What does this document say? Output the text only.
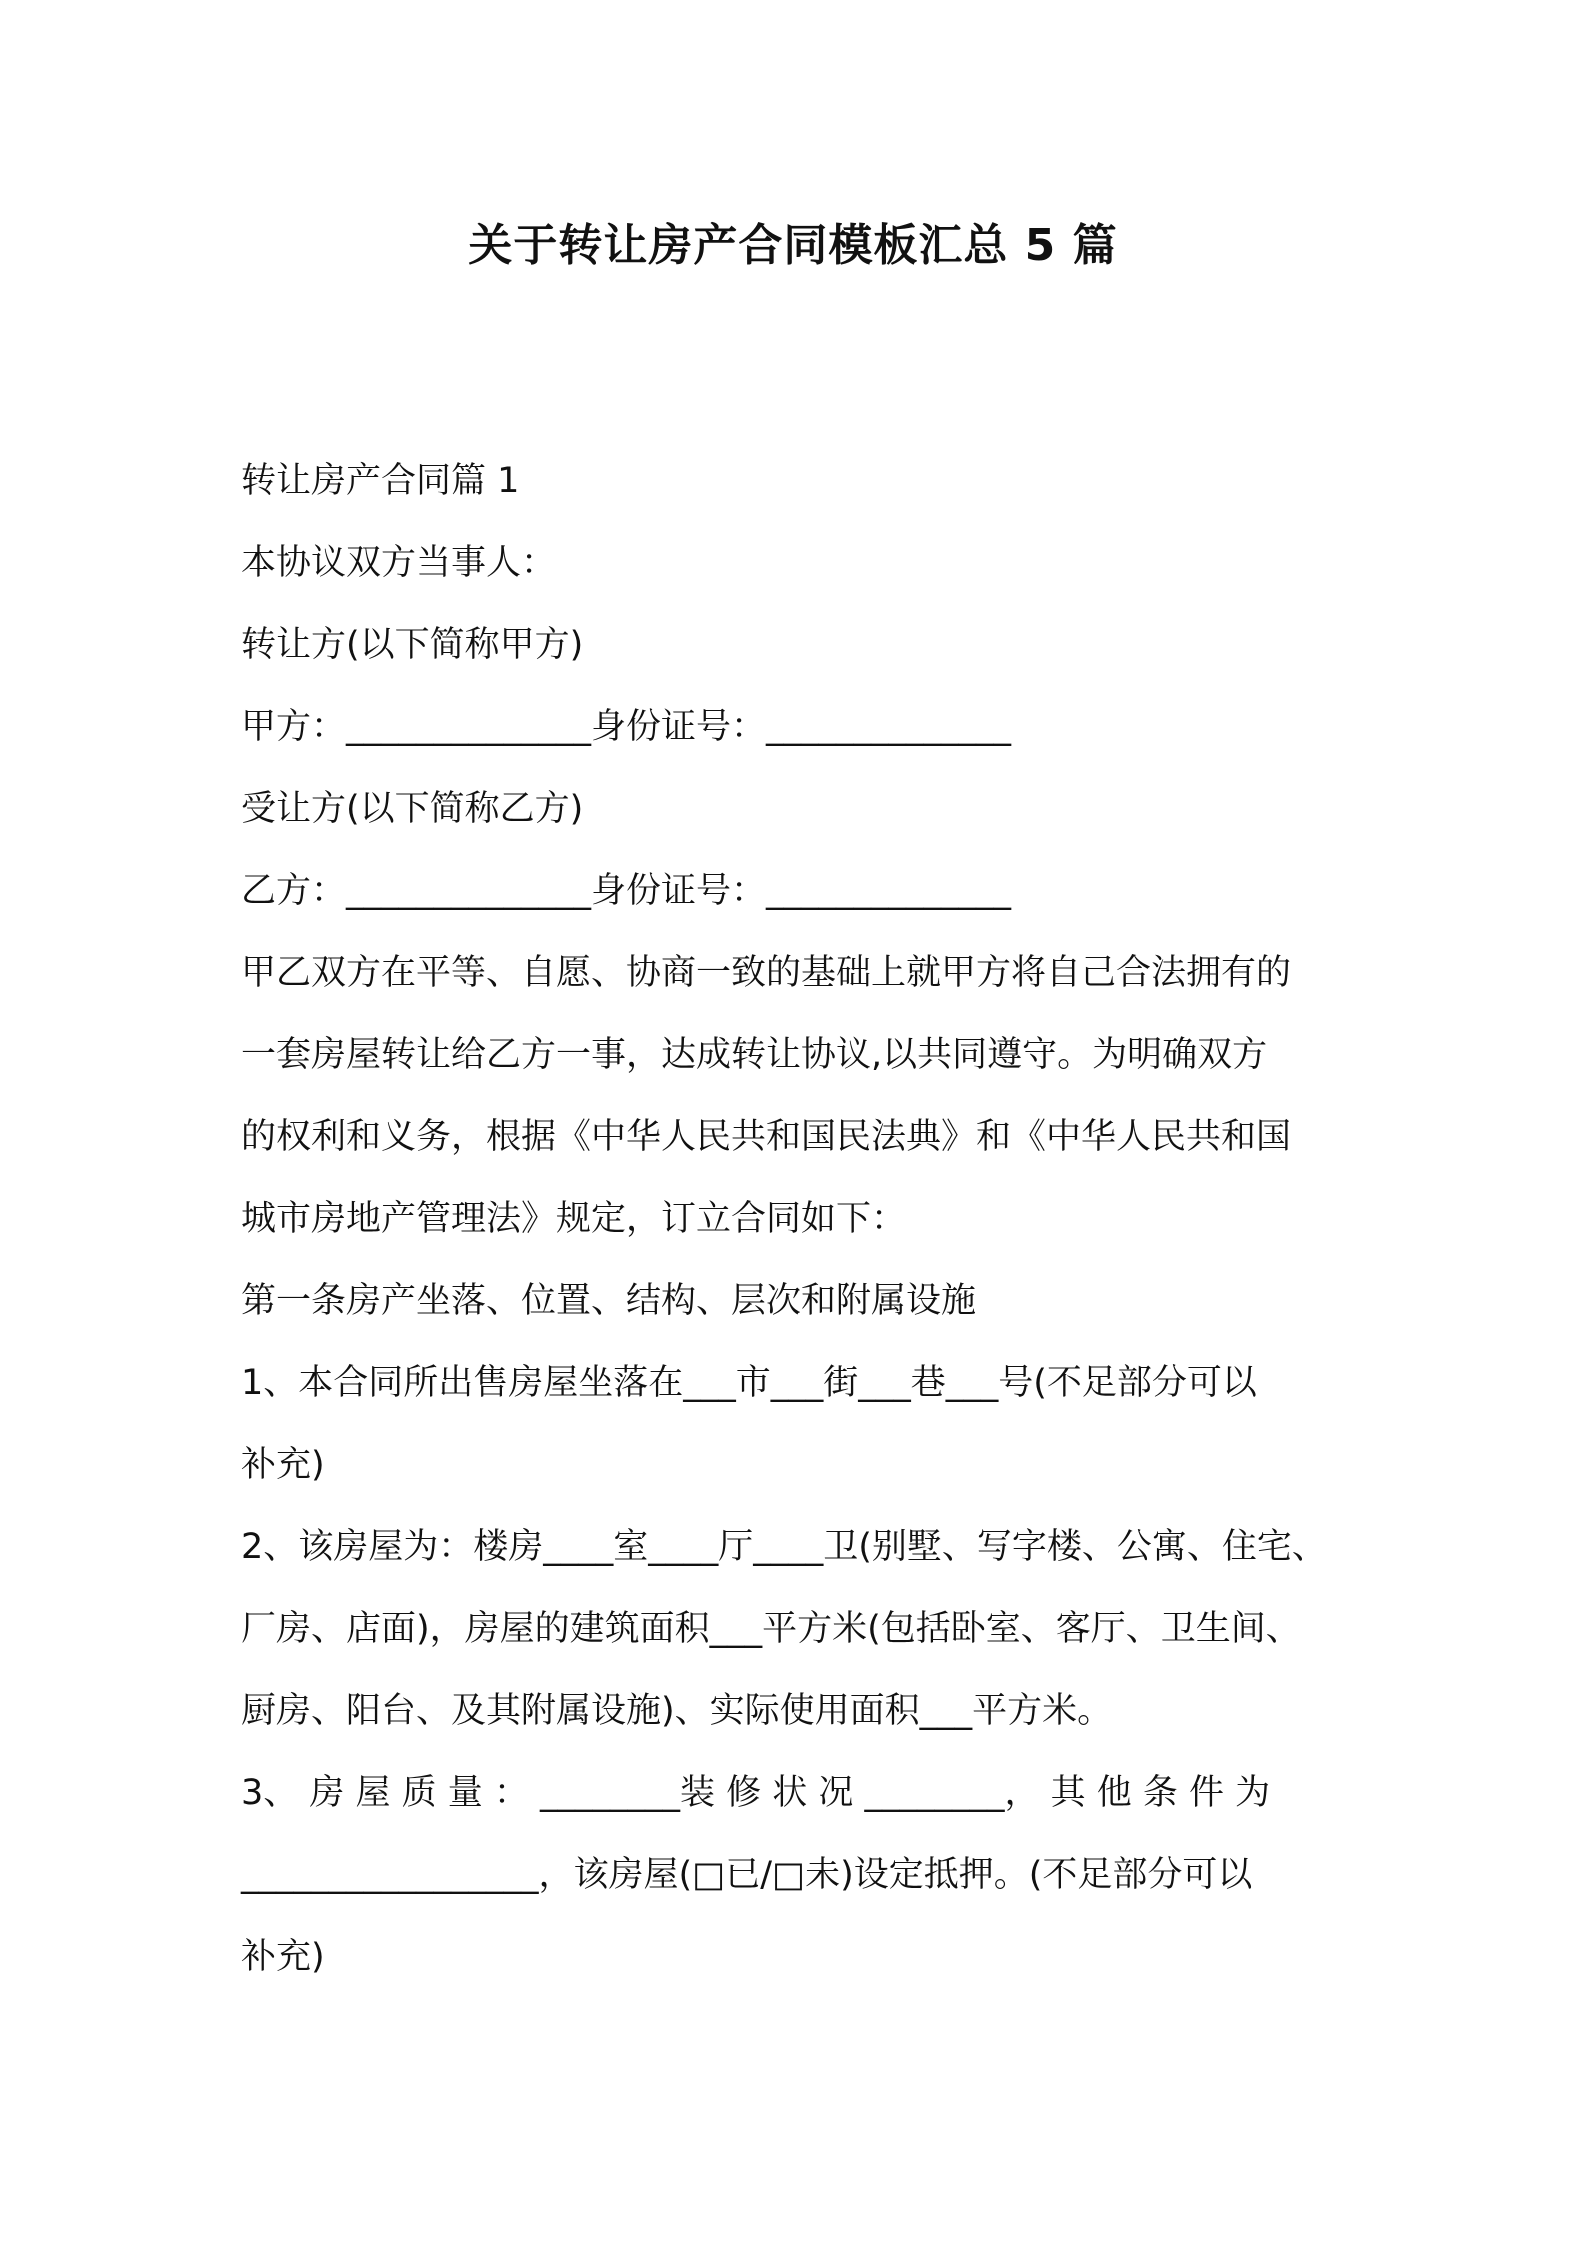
关于转让房产合同模板汇总 5 篇
转让房产合同篇 1
本协议双方当事人：
转让方(以下简称甲方)
甲方：______________身份证号：______________
受让方(以下简称乙方)
乙方：______________身份证号：______________
甲乙双方在平等、自愿、协商一致的基础上就甲方将自己合法拥有的
一套房屋转让给乙方一事，达成转让协议,以共同遵守。为明确双方
的权利和义务，根据《中华人民共和国民法典》和《中华人民共和国
城市房地产管理法》规定，订立合同如下：
第一条房产坐落、位置、结构、层次和附属设施
1、本合同所出售房屋坐落在___市___街___巷___号(不足部分可以
补充)
2、该房屋为：楼房____室____厅____卫(别墅、写字楼、公寓、住宅、
厂房、店面)，房屋的建筑面积___平方米(包括卧室、客厅、卫生间、
厨房、阳台、及其附属设施)、实际使用面积___平方米。
3、 房 屋 质 量 ： ________装 修 状 况 ________， 其 他 条 件 为
_________________，该房屋(□已/□未)设定抵押。(不足部分可以
补充)
